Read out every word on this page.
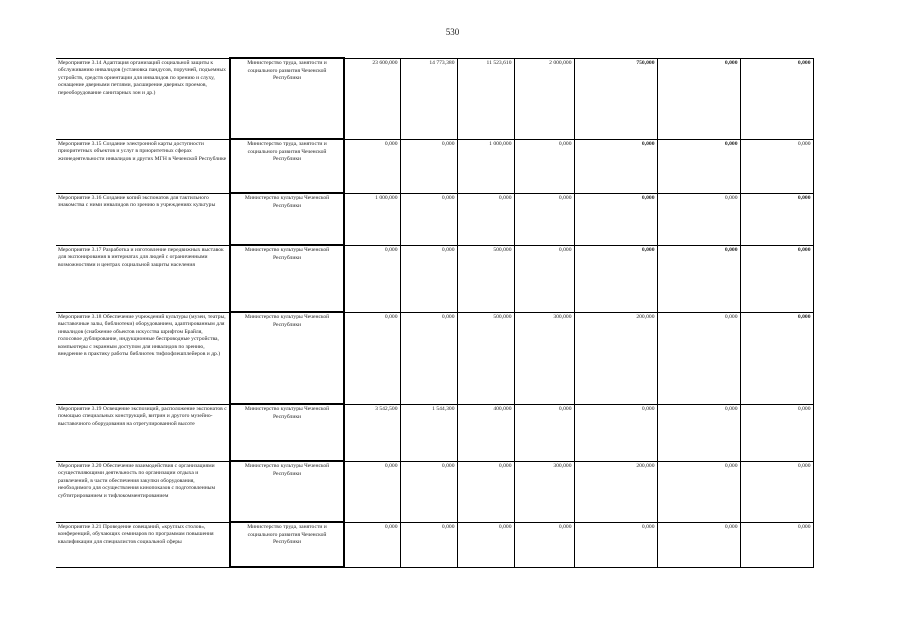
530
Мероприятие 3.14 Адаптация организаций социальной защиты к обслуживанию инвалидов (установка пандусов, поручней, подъемных устройств, средств ориентации для инвалидов по зрению и слуху, оснащение дверными петлями, расширение дверных проемов, переоборудование санитарных зон и др.)	Министерство труда, занятости и социального развития Чеченской Республики	23 600,000	14 773,380	11 523,610	2 000,000	750,000	0,000	0,000
Мероприятие 3.15 Создание электронной карты доступности приоритетных объектов и услуг в приоритетных сферах жизнедеятельности инвалидов и других МГН в Чеченской Республике	Министерство труда, занятости и социального развития Чеченской Республики	0,000	0,000	1 000,000	0,000	0,000	0,000	0,000
Мероприятие 3.16 Создание копий экспонатов для тактильного знакомства с ними инвалидов по зрению в учреждениях культуры	Министерство культуры Чеченской Республики	1 000,000	0,000	0,000	0,000	0,000	0,000	0,000
Мероприятие 3.17 Разработка и изготовление передвижных выставок для экспонирования в интернатах для людей с ограниченными возможностями и центрах социальной защиты населения	Министерство культуры Чеченской Республики	0,000	0,000	500,000	0,000	0,000	0,000	0,000
Мероприятие 3.18 Обеспечение учреждений культуры (музеи, театры, выставочные залы, библиотеки) оборудованием, адаптированным для инвалидов (снабжение объектов искусства шрифтом Брайля, голосовое дублирование, индукционные беспроводные устройства, компьютеры с экранным доступом для инвалидов по зрению, внедрение в практику работы библиотек тифлофлешплейеров и др.)	Министерство культуры Чеченской Республики	0,000	0,000	500,000	300,000	200,000	0,000	0,000
Мероприятие 3.19 Освещение экспозиций, расположение экспонатов с помощью специальных конструкций, витрин и другого музейно-выставочного оборудования на отрегулированной высоте	Министерство культуры Чеченской Республики	3 542,500	1 544,300	400,000	0,000	0,000	0,000	0,000
Мероприятие 3.20 Обеспечение взаимодействия с организациями осуществляющими деятельность по организации отдыха и развлечений, в части обеспечения закупки оборудования, необходимого для осуществления кинопоказов с подготовленным субтитрированием и тифлокомментированием	Министерство культуры Чеченской Республики	0,000	0,000	0,000	300,000	200,000	0,000	0,000
Мероприятие 3.21 Проведение совещаний, «круглых столов», конференций, обучающих семинаров по программам повышения квалификации для специалистов социальной сферы	Министерство труда, занятости и социального развития Чеченской Республики	0,000	0,000	0,000	0,000	0,000	0,000	0,000
